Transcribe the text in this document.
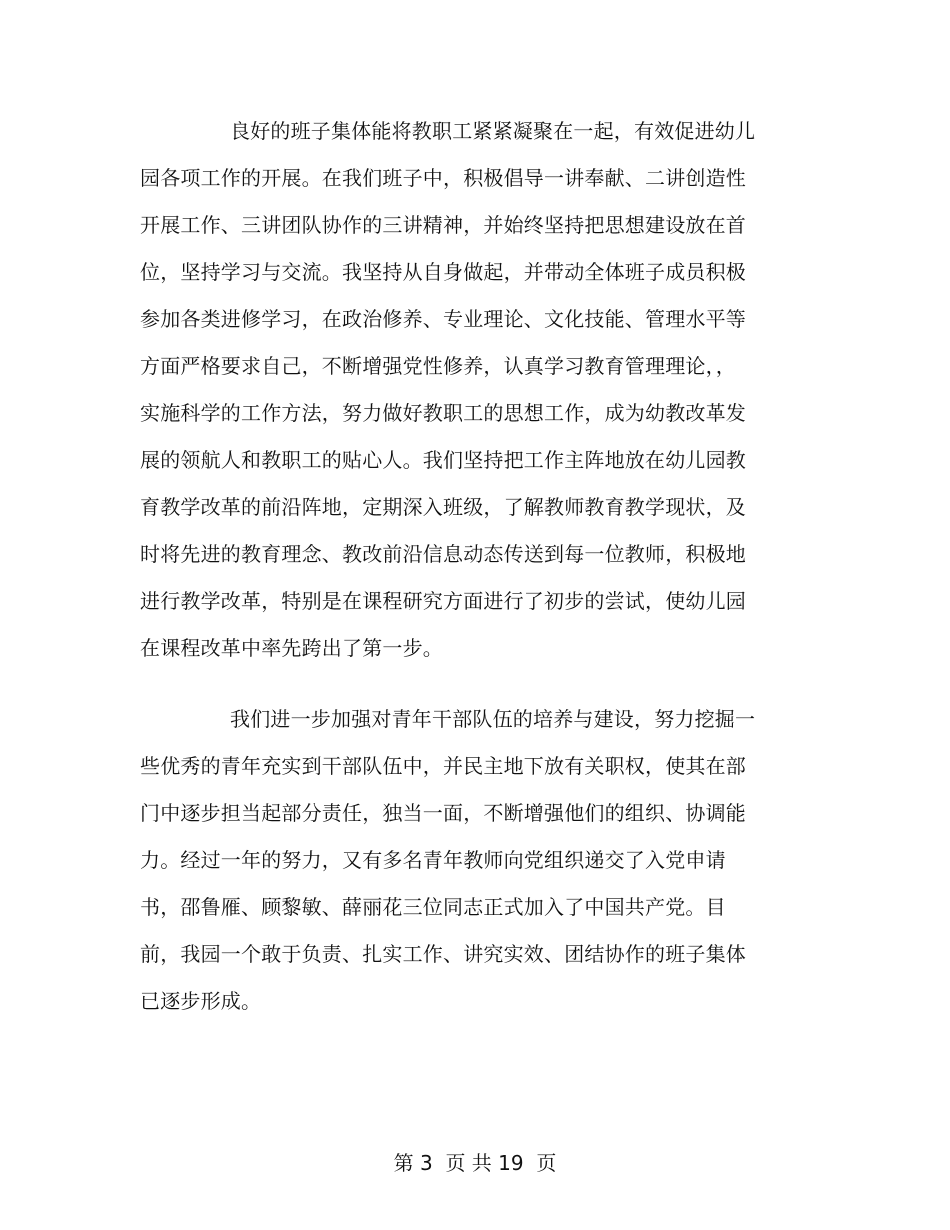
良好的班子集体能将教职工紧紧凝聚在一起，有效促进幼儿
园各项工作的开展。在我们班子中，积极倡导一讲奉献、二讲创造性
开展工作、三讲团队协作的三讲精神，并始终坚持把思想建设放在首
位，坚持学习与交流。我坚持从自身做起，并带动全体班子成员积极
参加各类进修学习，在政治修养、专业理论、文化技能、管理水平等
方面严格要求自己，不断增强党性修养，认真学习教育管理理论，，
实施科学的工作方法，努力做好教职工的思想工作，成为幼教改革发
展的领航人和教职工的贴心人。我们坚持把工作主阵地放在幼儿园教
育教学改革的前沿阵地，定期深入班级，了解教师教育教学现状，及
时将先进的教育理念、教改前沿信息动态传送到每一位教师，积极地
进行教学改革，特别是在课程研究方面进行了初步的尝试，使幼儿园
在课程改革中率先跨出了第一步。
我们进一步加强对青年干部队伍的培养与建设，努力挖掘一
些优秀的青年充实到干部队伍中，并民主地下放有关职权，使其在部
门中逐步担当起部分责任，独当一面，不断增强他们的组织、协调能
力。经过一年的努力，又有多名青年教师向党组织递交了入党申请
书，邵鲁雁、顾黎敏、薛丽花三位同志正式加入了中国共产党。目
前，我园一个敢于负责、扎实工作、讲究实效、团结协作的班子集体
已逐步形成。
第 3  页 共 19  页
